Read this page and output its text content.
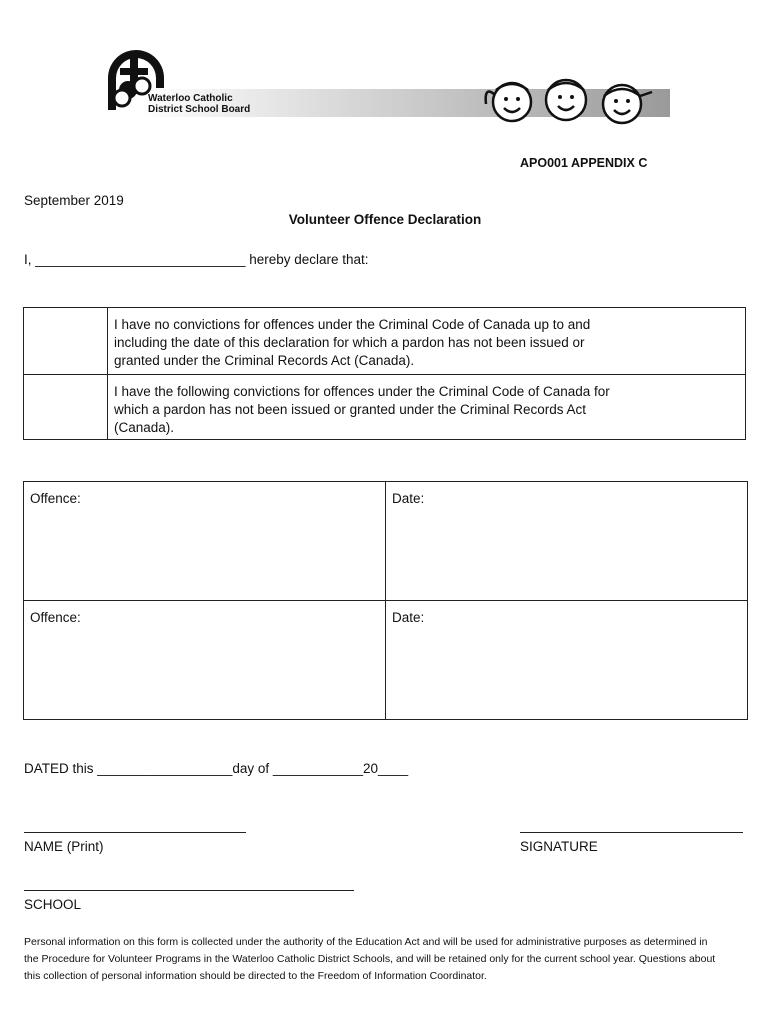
Waterloo Catholic
District School Board
APO001 APPENDIX C
September 2019
Volunteer Offence Declaration
I, ____________________________ hereby declare that:
I have no convictions for offences under the Criminal Code of Canada up to and including the date of this declaration for which a pardon has not been issued or granted under the Criminal Records Act (Canada).
I have the following convictions for offences under the Criminal Code of Canada for which a pardon has not been issued or granted under the Criminal Records Act (Canada).
Offence:	Date:
Offence:	Date:
DATED this __________________day of ____________20____
NAME (Print)	SIGNATURE
SCHOOL
Personal information on this form is collected under the authority of the Education Act and will be used for administrative purposes as determined in the Procedure for Volunteer Programs in the Waterloo Catholic District Schools, and will be retained only for the current school year. Questions about this collection of personal information should be directed to the Freedom of Information Coordinator.
